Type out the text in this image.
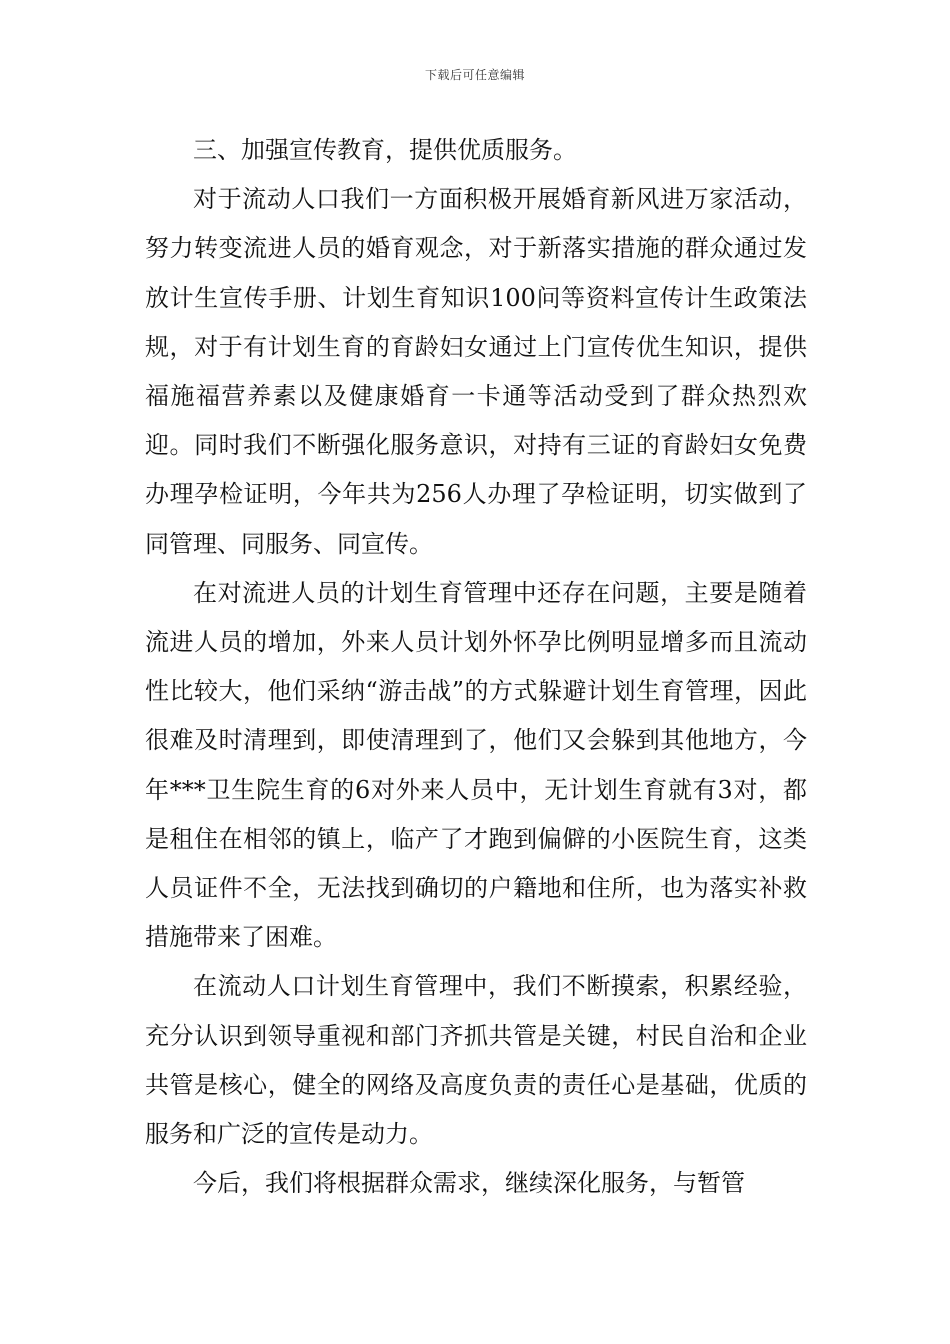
下载后可任意编辑

三、加强宣传教育，提供优质服务。

对于流动人口我们一方面积极开展婚育新风进万家活动，努力转变流进人员的婚育观念，对于新落实措施的群众通过发放计生宣传手册、计划生育知识100问等资料宣传计生政策法规，对于有计划生育的育龄妇女通过上门宣传优生知识，提供福施福营养素以及健康婚育一卡通等活动受到了群众热烈欢迎。同时我们不断强化服务意识，对持有三证的育龄妇女免费办理孕检证明，今年共为256人办理了孕检证明，切实做到了同管理、同服务、同宣传。

在对流进人员的计划生育管理中还存在问题，主要是随着流进人员的增加，外来人员计划外怀孕比例明显增多而且流动性比较大，他们采纳“游击战”的方式躲避计划生育管理，因此很难及时清理到，即使清理到了，他们又会躲到其他地方，今年***卫生院生育的6对外来人员中，无计划生育就有3对，都是租住在相邻的镇上，临产了才跑到偏僻的小医院生育，这类人员证件不全，无法找到确切的户籍地和住所，也为落实补救措施带来了困难。

在流动人口计划生育管理中，我们不断摸索，积累经验，充分认识到领导重视和部门齐抓共管是关键，村民自治和企业共管是核心，健全的网络及高度负责的责任心是基础，优质的服务和广泛的宣传是动力。

今后，我们将根据群众需求，继续深化服务，与暂管
